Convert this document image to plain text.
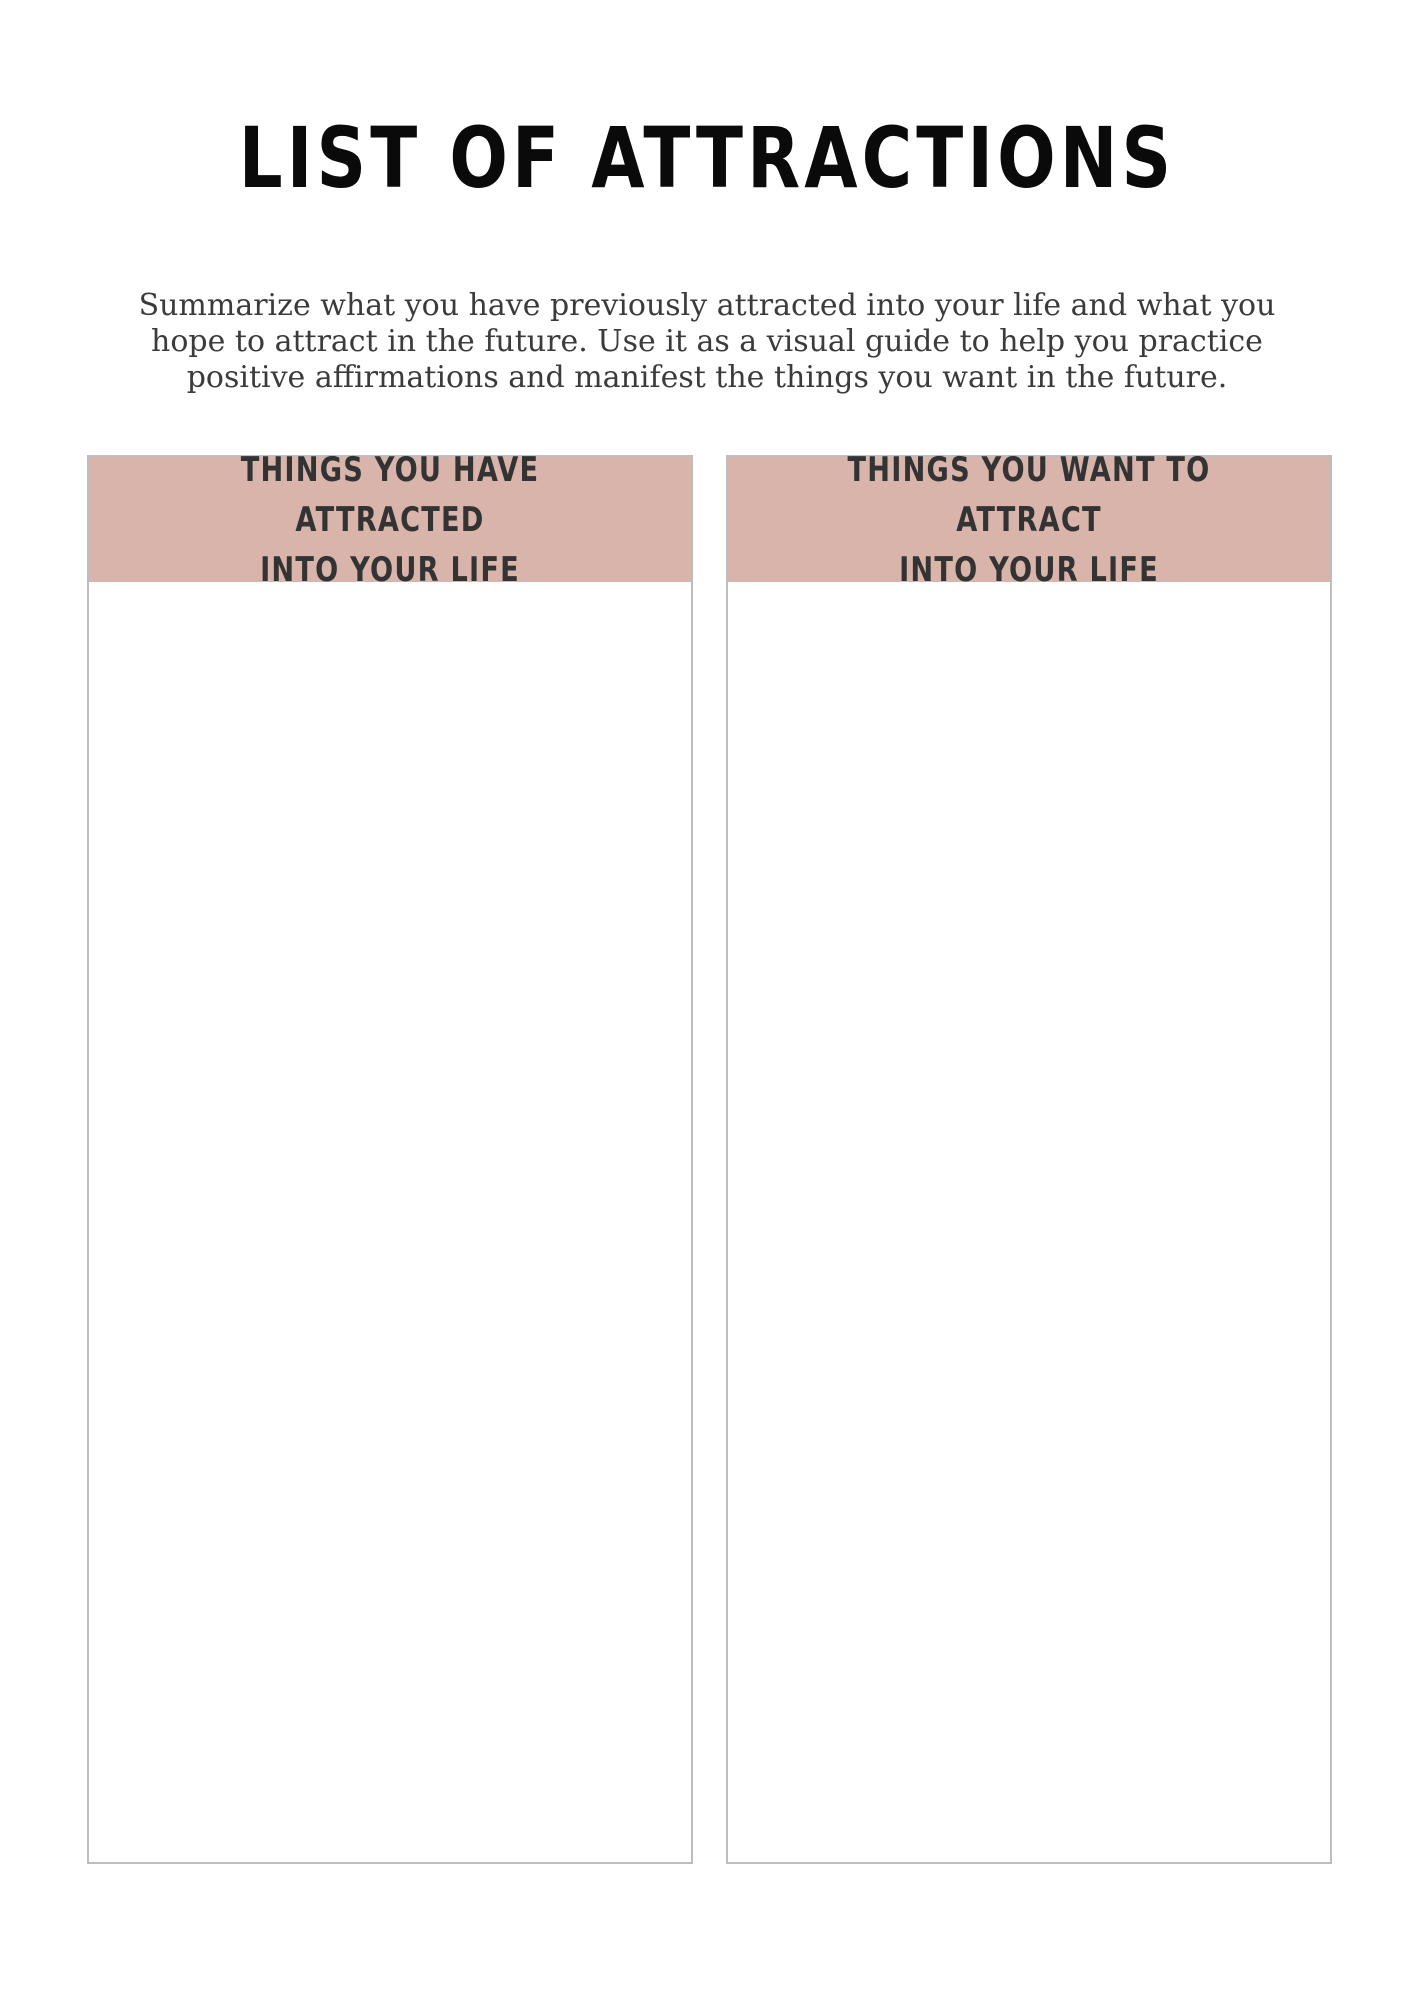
LIST OF ATTRACTIONS
Summarize what you have previously attracted into your life and what you hope to attract in the future. Use it as a visual guide to help you practice positive affirmations and manifest the things you want in the future.
THINGS YOU HAVE ATTRACTED
INTO YOUR LIFE
THINGS YOU WANT TO ATTRACT
INTO YOUR LIFE
